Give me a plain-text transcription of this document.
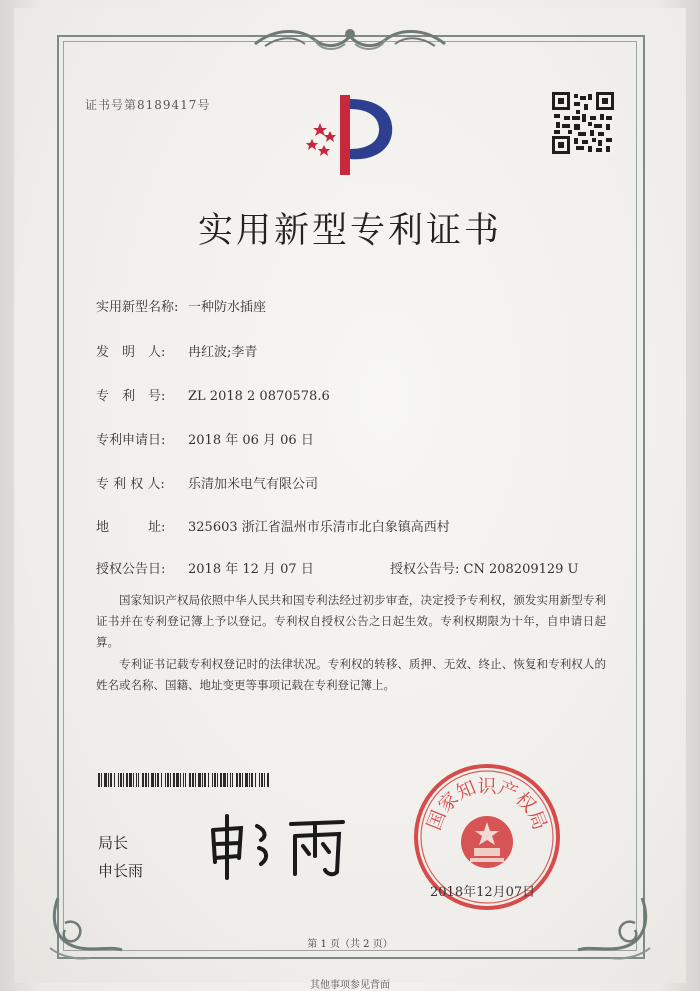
证书号第8189417号
实用新型专利证书
实用新型名称: 一种防水插座
发　明　人: 冉红波;李青
专　利　号: ZL 2018 2 0870578.6
专利申请日: 2018 年 06 月 06 日
专 利 权 人: 乐清加米电气有限公司
地　　　址: 325603 浙江省温州市乐清市北白象镇高西村
授权公告日: 2018 年 12 月 07 日	授权公告号: CN 208209129 U
国家知识产权局依照中华人民共和国专利法经过初步审查，决定授予专利权，颁发实用新型专利证书并在专利登记簿上予以登记。专利权自授权公告之日起生效。专利权期限为十年，自申请日起算。
专利证书记载专利权登记时的法律状况。专利权的转移、质押、无效、终止、恢复和专利权人的姓名或名称、国籍、地址变更等事项记载在专利登记簿上。
局长
申长雨
国家知识产权局
2018年12月07日
第 1 页（共 2 页）
其他事项参见背面
